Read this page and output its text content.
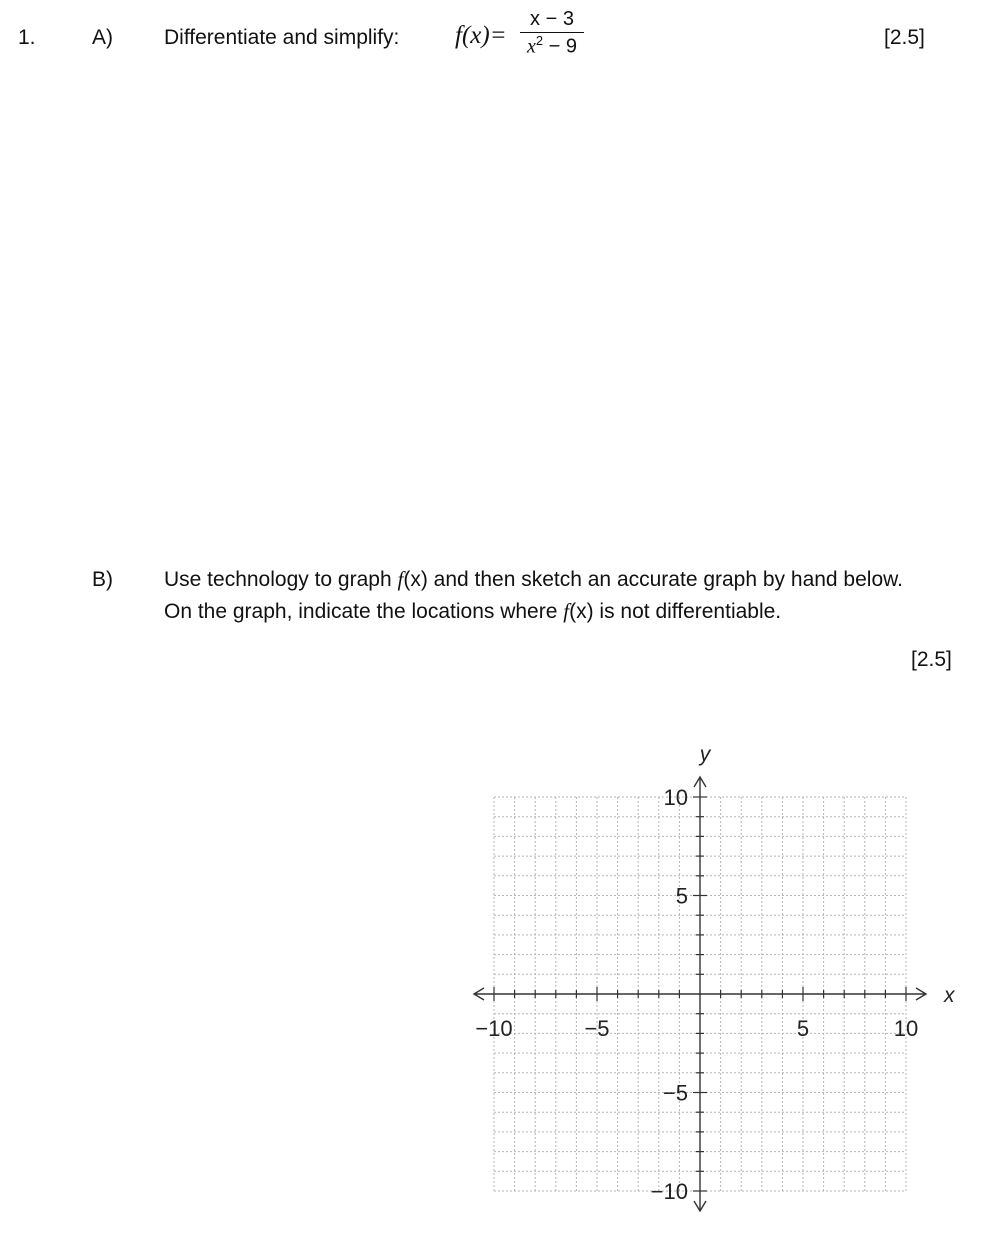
1.	A) Differentiate and simplify: $f(x)= \frac{x - 3}{x^2 - 9}$	[2.5]
B) Use technology to graph f(x) and then sketch an accurate graph by hand below.
On the graph, indicate the locations where f(x) is not differentiable.
[2.5]
−10	−5	5	10
10
5
−5
−10
x
y
